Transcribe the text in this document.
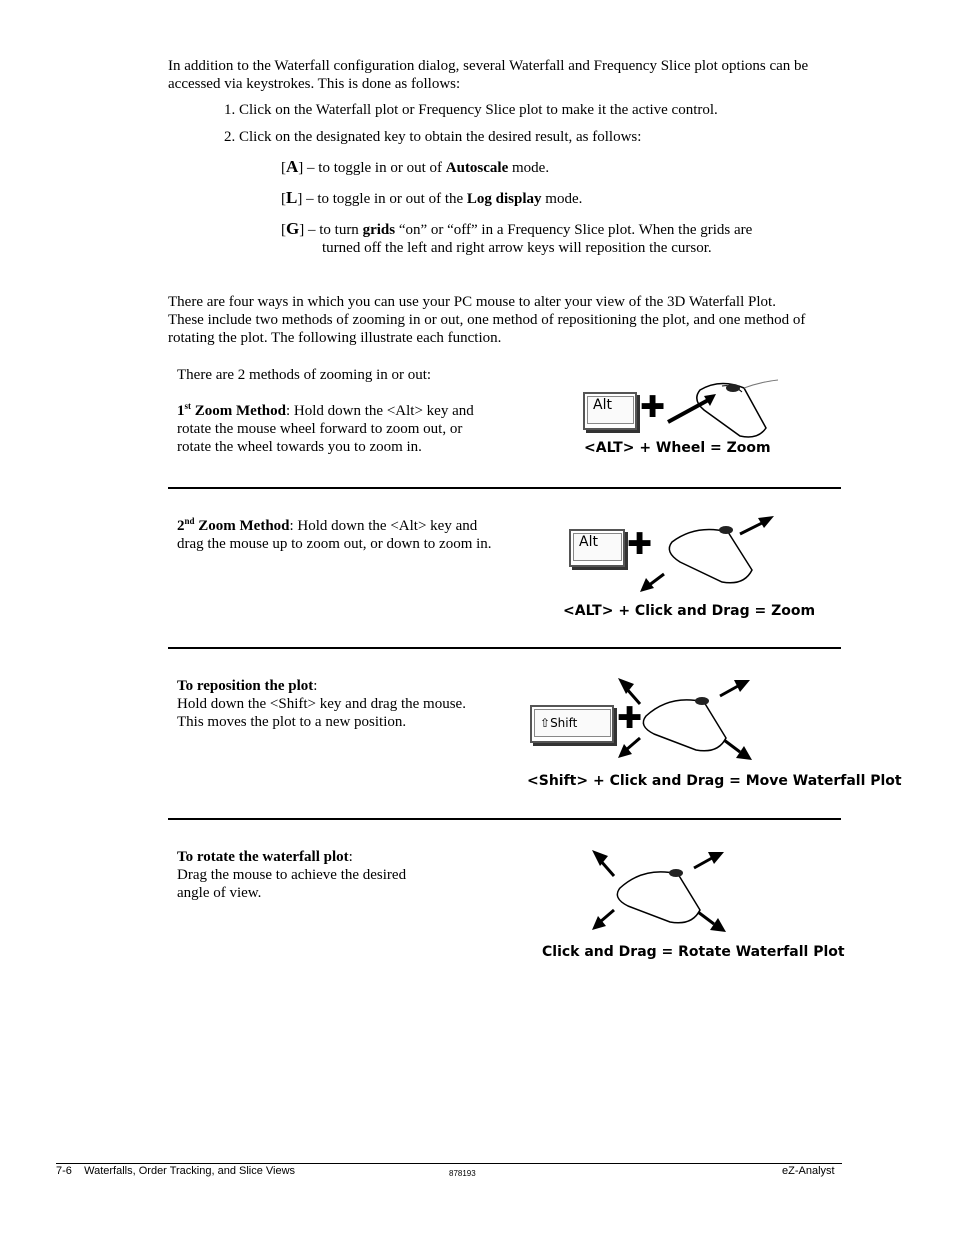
In addition to the Waterfall configuration dialog, several Waterfall and Frequency Slice plot options can be
accessed via keystrokes. This is done as follows:
1. Click on the Waterfall plot or Frequency Slice plot to make it the active control.
2. Click on the designated key to obtain the desired result, as follows:
[A] – to toggle in or out of Autoscale mode.
[L] – to toggle in or out of the Log display mode.
[G] – to turn grids “on” or “off” in a Frequency Slice plot. When the grids are
turned off the left and right arrow keys will reposition the cursor.
There are four ways in which you can use your PC mouse to alter your view of the 3D Waterfall Plot.
These include two methods of zooming in or out, one method of repositioning the plot, and one method of
rotating the plot. The following illustrate each function.
There are 2 methods of zooming in or out:
1st Zoom Method: Hold down the <Alt> key and
rotate the mouse wheel forward to zoom out, or
rotate the wheel towards you to zoom in.
Alt ✚
<ALT> + Wheel = Zoom
2nd Zoom Method: Hold down the <Alt> key and
drag the mouse up to zoom out, or down to zoom in.	Alt ✚
<ALT> + Click and Drag = Zoom
To reposition the plot:
Hold down the <Shift> key and drag the mouse.
This moves the plot to a new position.	⇧Shift	✚
<Shift> + Click and Drag = Move Waterfall Plot
To rotate the waterfall plot:
Drag the mouse to achieve the desired
angle of view.
Click and Drag = Rotate Waterfall Plot
7-6    Waterfalls, Order Tracking, and Slice Views	878193	eZ-Analyst
